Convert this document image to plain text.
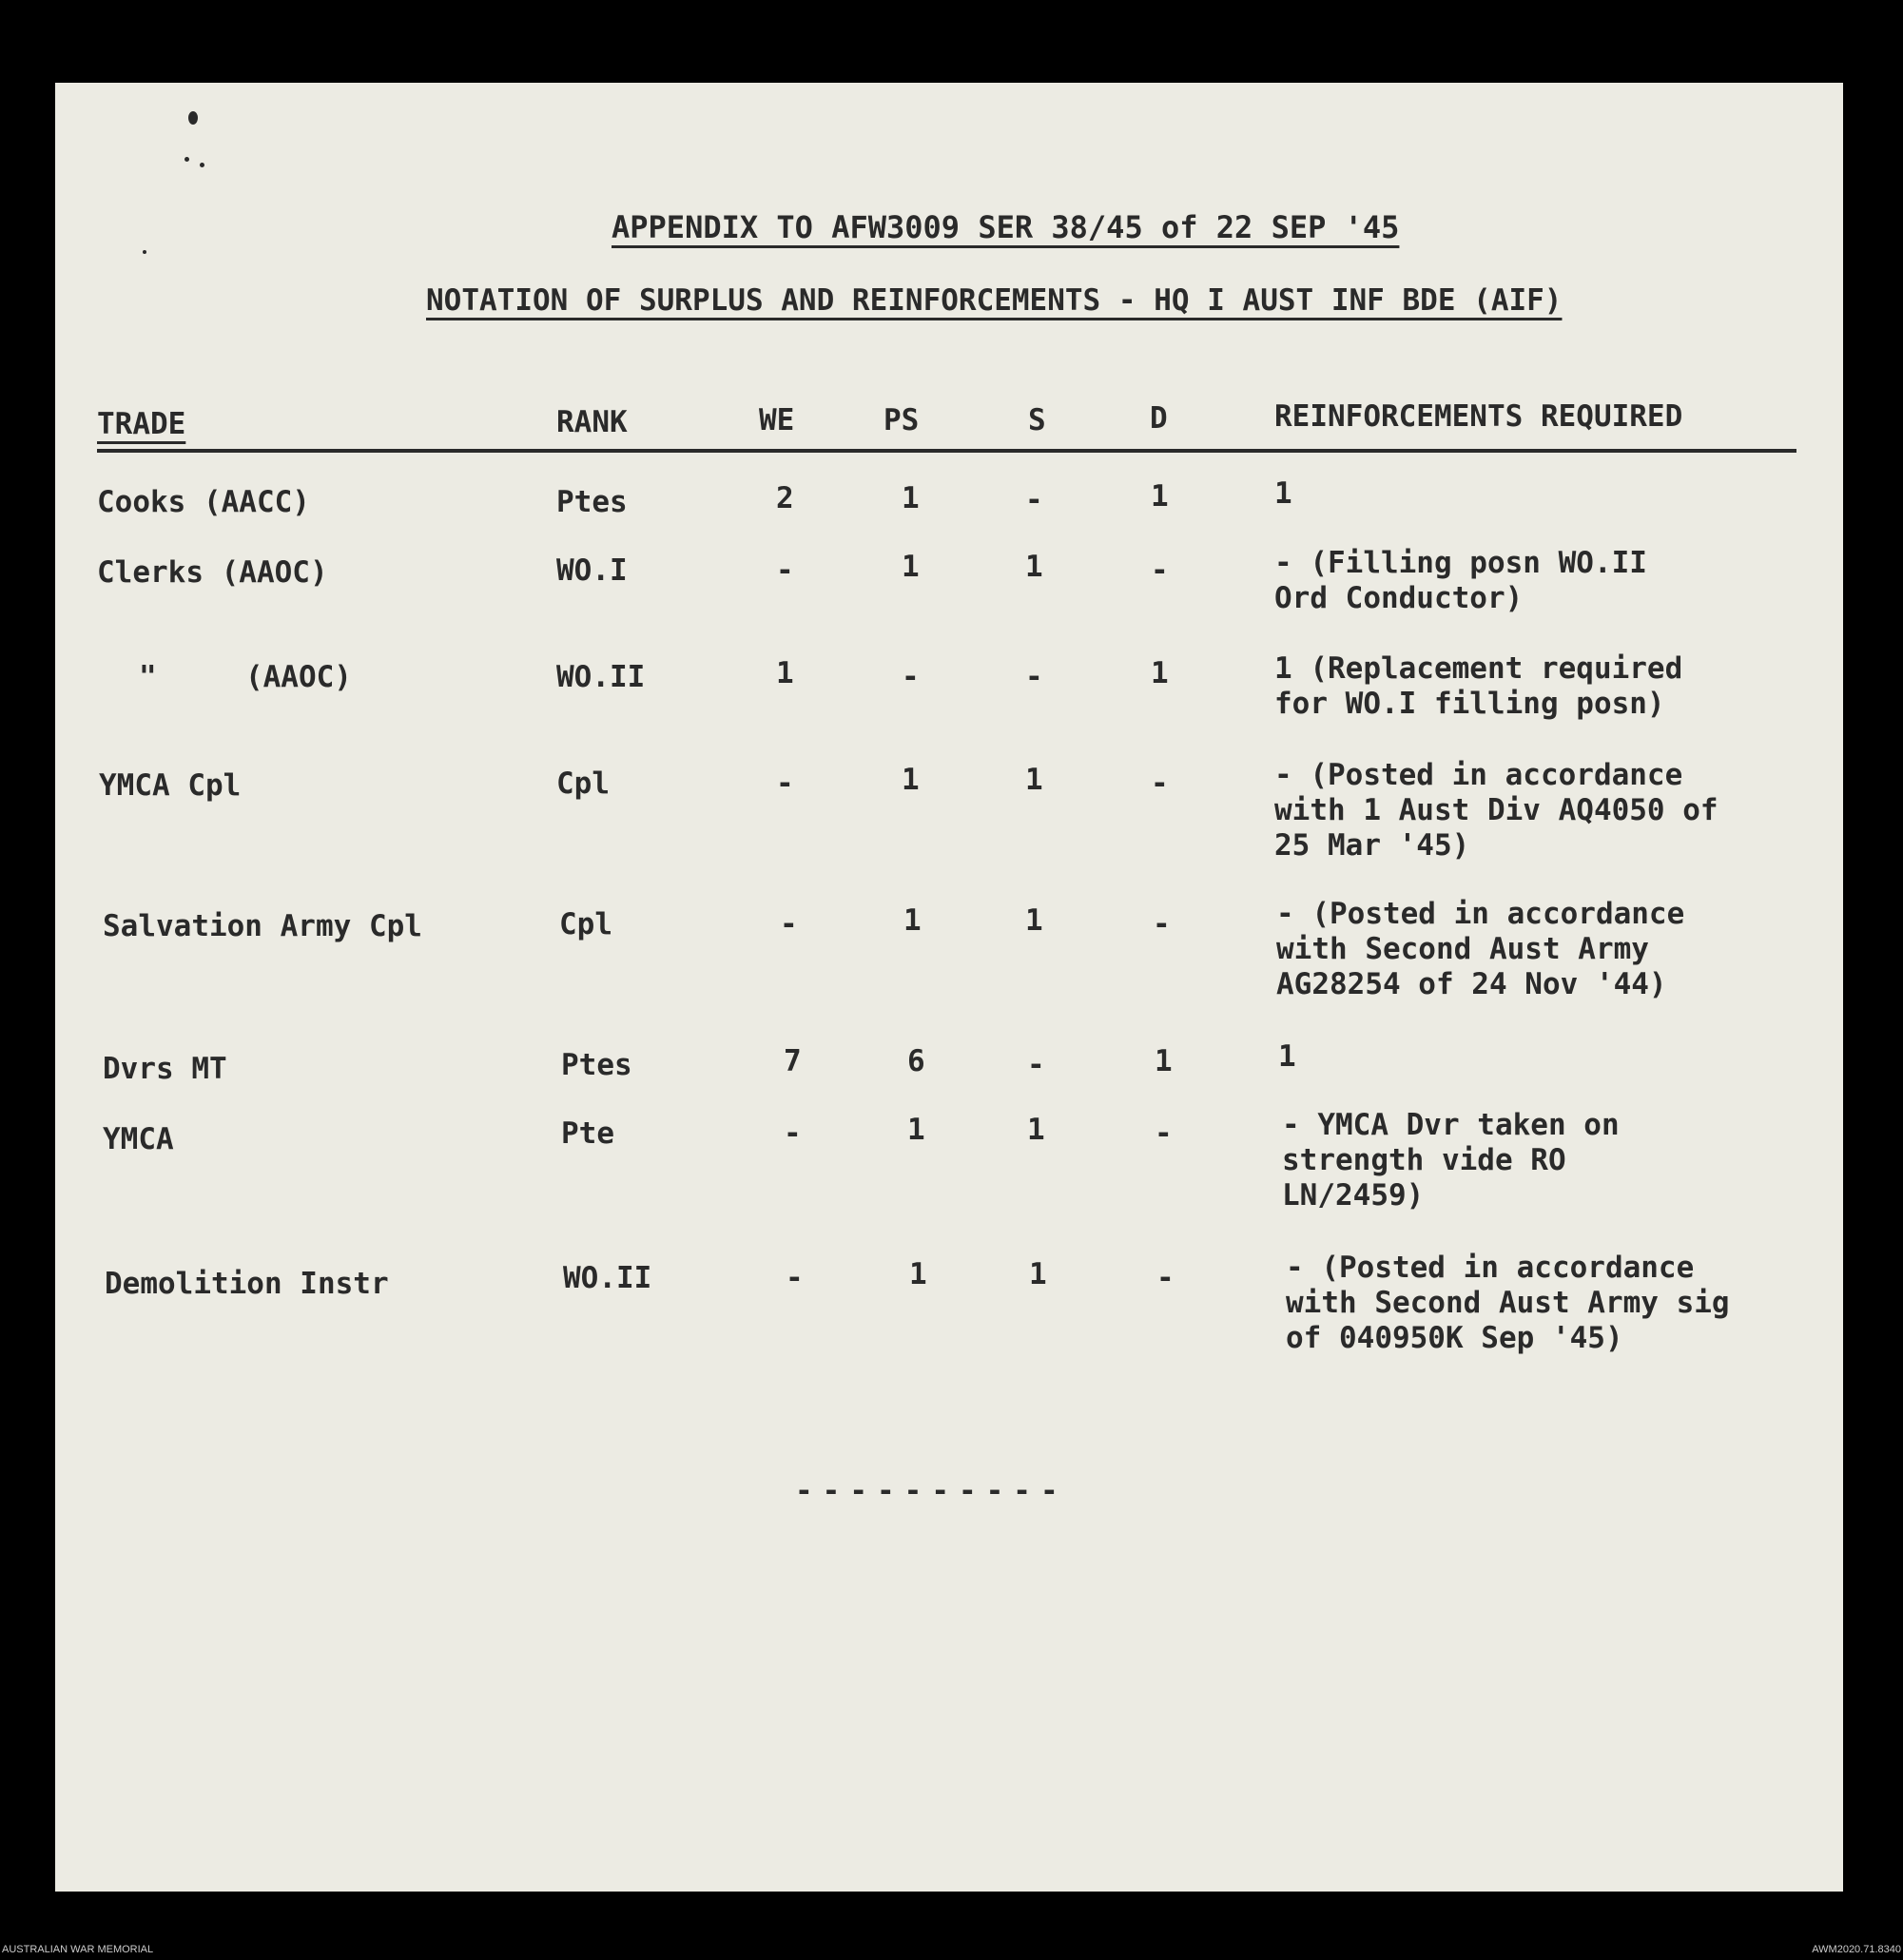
APPENDIX TO AFW3009 SER 38/45 of 22 SEP '45
NOTATION OF SURPLUS AND REINFORCEMENTS - HQ I AUST INF BDE (AIF)
TRADE	RANK	WE	PS	S	D	REINFORCEMENTS REQUIRED
Cooks (AACC)	Ptes	2	1	-	1	1
Clerks (AAOC)	WO.I	-	1	1	-	- (Filling posn WO.II
Ord Conductor)
"     (AAOC)	WO.II	1	-	-	1	1 (Replacement required
for WO.I filling posn)
YMCA Cpl	Cpl	-	1	1	-	- (Posted in accordance
with 1 Aust Div AQ4050 of
25 Mar '45)
Salvation Army Cpl	Cpl	-	1	1	-	- (Posted in accordance
with Second Aust Army
AG28254 of 24 Nov '44)
Dvrs MT	Ptes	7	6	-	1	1
YMCA	Pte	-	1	1	-	- YMCA Dvr taken on
strength vide RO
LN/2459)
Demolition Instr	WO.II	-	1	1	-	- (Posted in accordance
with Second Aust Army sig
of 040950K Sep '45)
----------
AUSTRALIAN WAR MEMORIAL	AWM2020.71.8340
